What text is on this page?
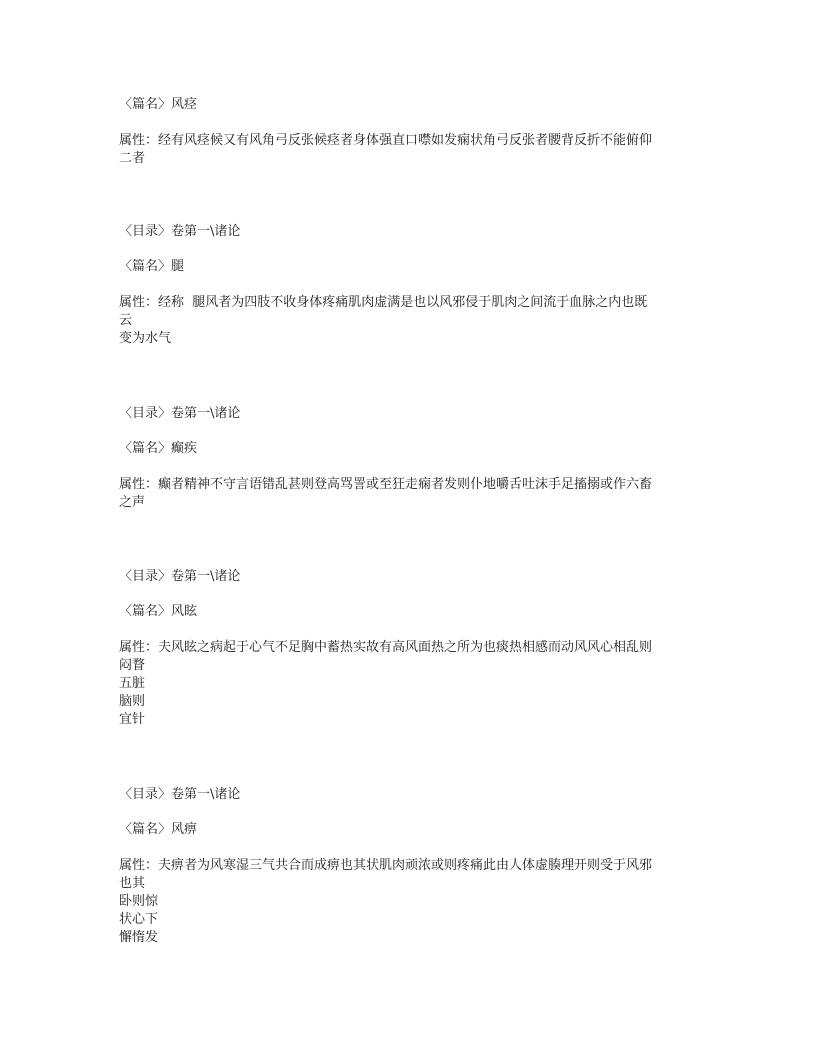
〈篇名〉风痉
属性：经有风痉候又有风角弓反张候痉者身体强直口噤如发痫状角弓反张者腰背反折不能俯仰
二者
〈目录〉卷第一\诸论
〈篇名〉腿
属性：经称  腿风者为四肢不收身体疼痛肌肉虚满是也以风邪侵于肌肉之间流于血脉之内也既
云
变为水气
〈目录〉卷第一\诸论
〈篇名〉癫疾
属性：癫者精神不守言语错乱甚则登高骂詈或至狂走痫者发则仆地嚼舌吐沫手足搐搦或作六畜
之声
〈目录〉卷第一\诸论
〈篇名〉风眩
属性：夫风眩之病起于心气不足胸中蓄热实故有高风面热之所为也痰热相感而动风风心相乱则
闷瞀
五脏
脑则
宜针
〈目录〉卷第一\诸论
〈篇名〉风痹
属性：夫痹者为风寒湿三气共合而成痹也其状肌肉顽浓或则疼痛此由人体虚腠理开则受于风邪
也其
卧则惊
状心下
懈惰发
